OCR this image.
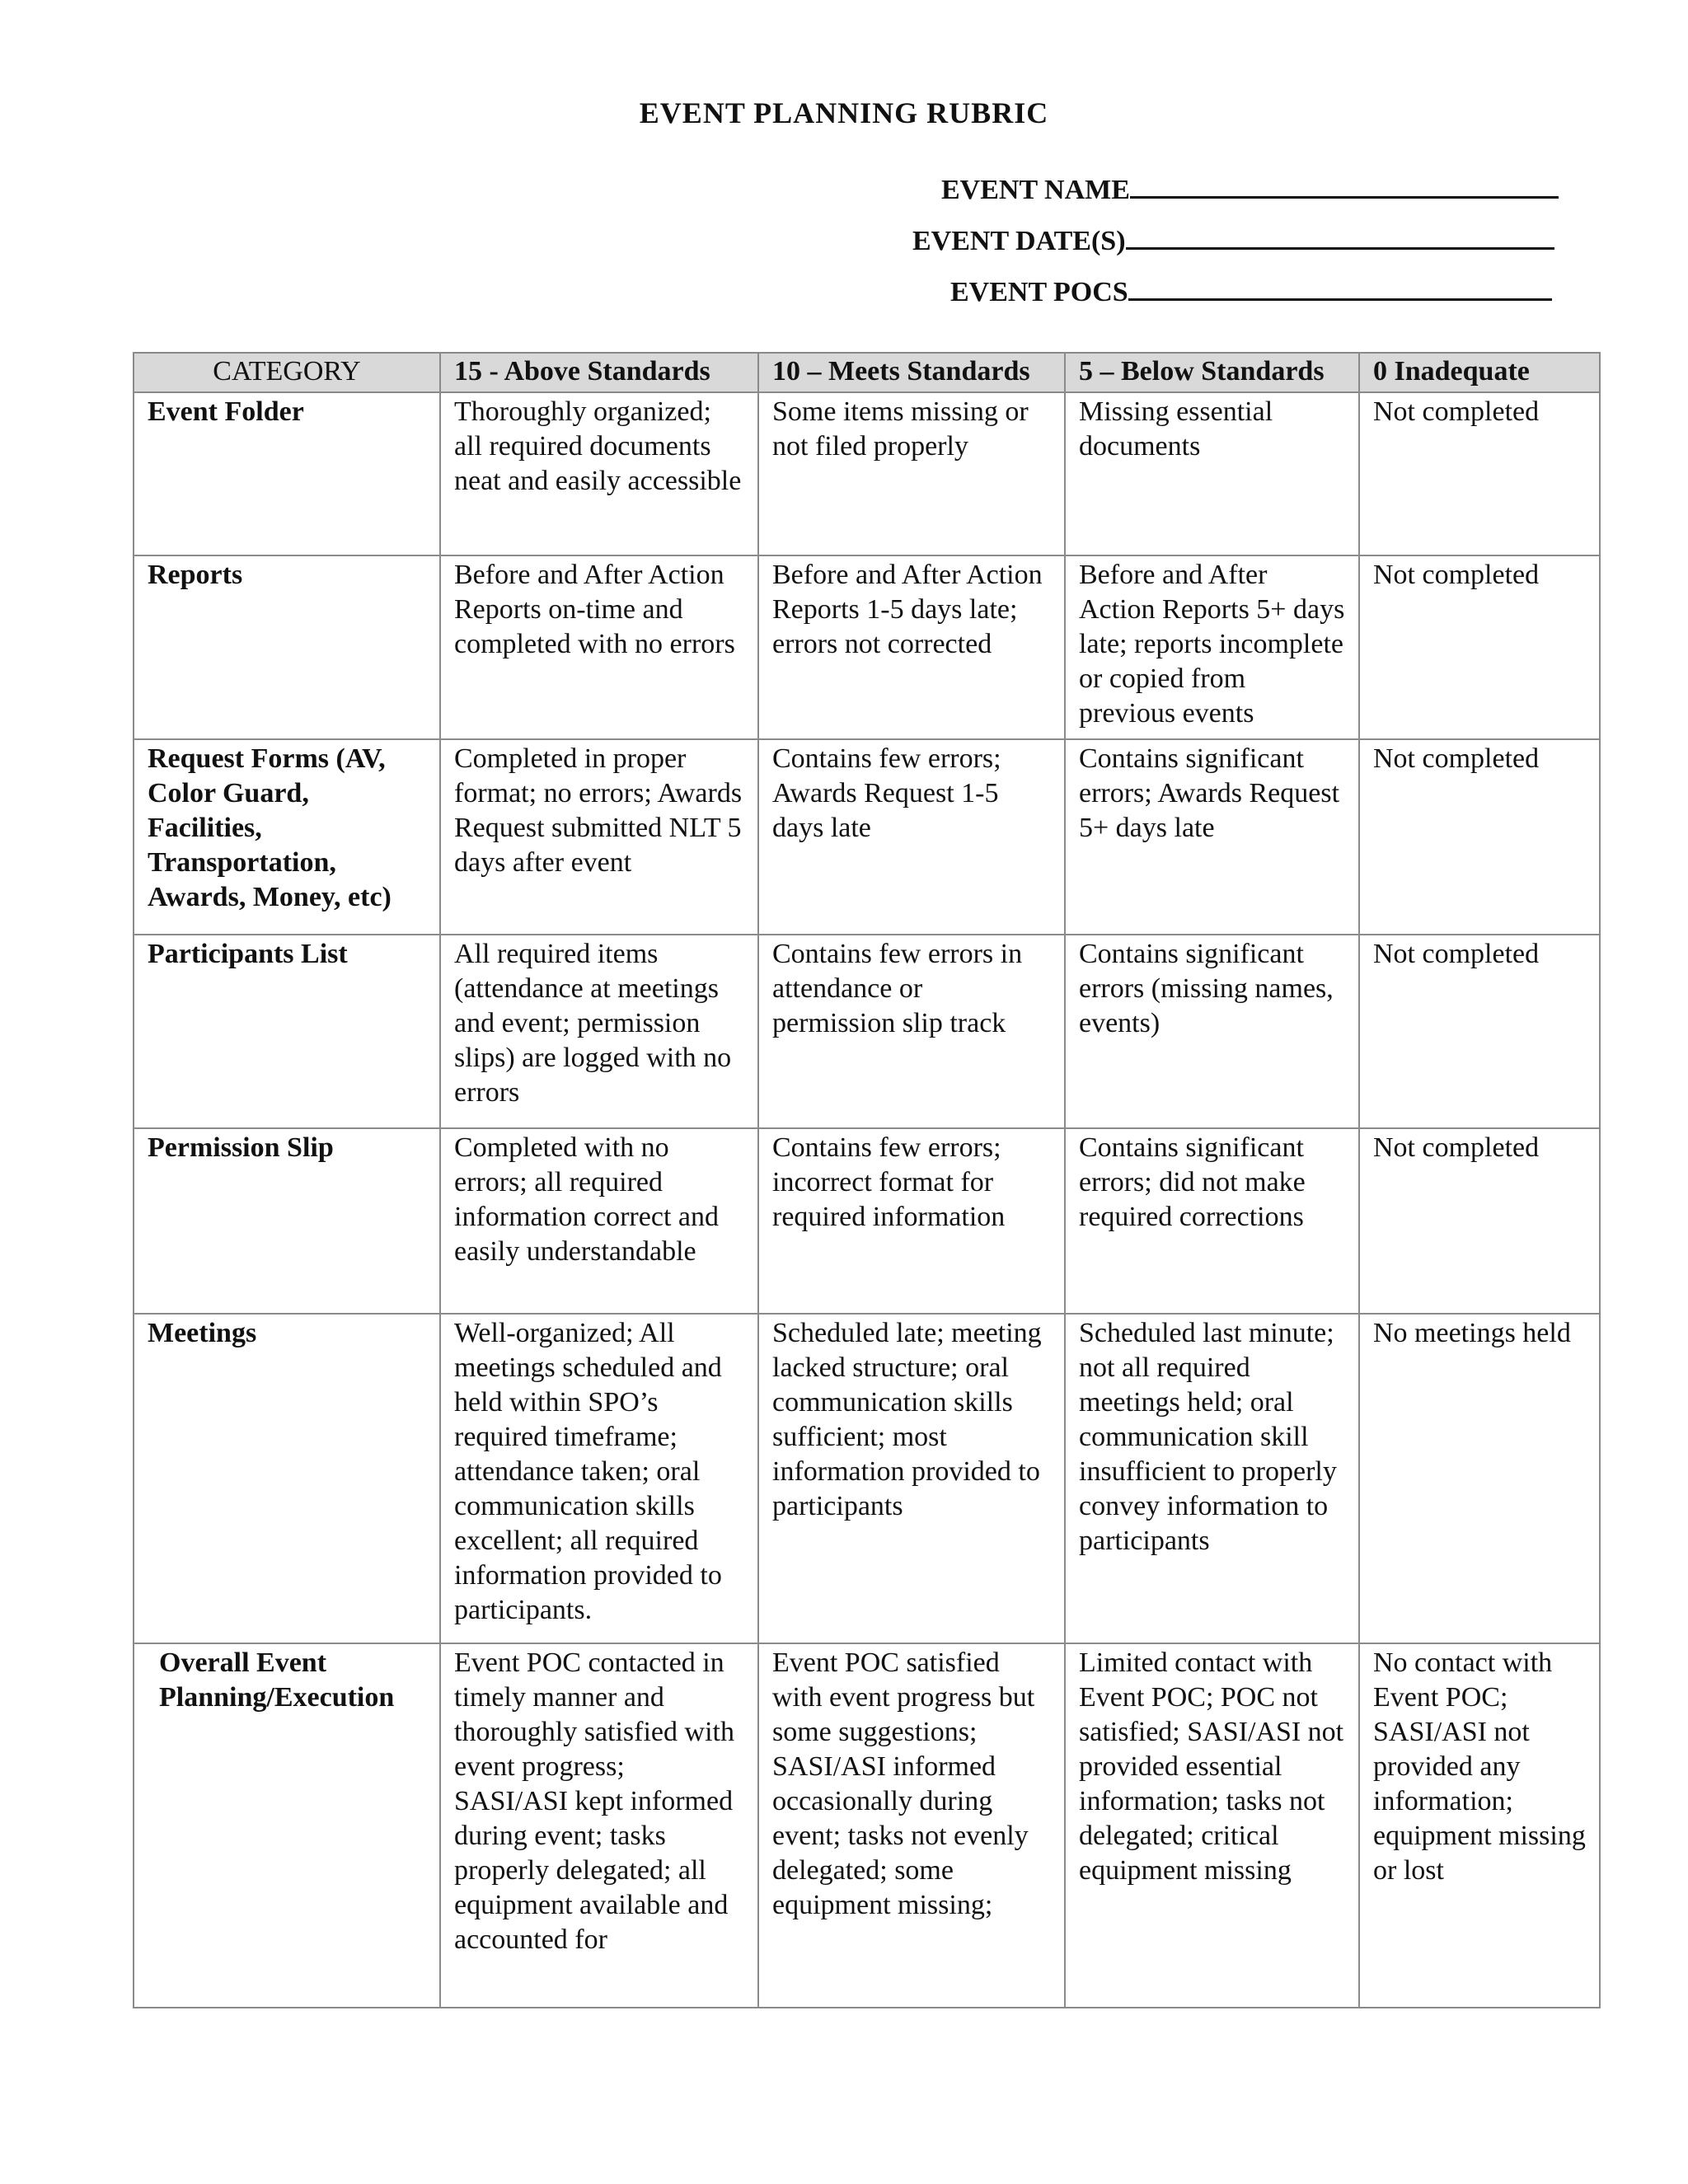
EVENT PLANNING RUBRIC
EVENT NAME
EVENT DATE(S)
EVENT POCS
CATEGORY	15 - Above Standards	10 – Meets Standards	5 – Below Standards	0 Inadequate
Event Folder	Thoroughly organized; all required documents neat and easily accessible	Some items missing or not filed properly	Missing essential documents	Not completed
Reports	Before and After Action Reports on-time and completed with no errors	Before and After Action Reports 1-5 days late; errors not corrected	Before and After Action Reports 5+ days late; reports incomplete or copied from previous events	Not completed
Request Forms (AV, Color Guard, Facilities, Transportation, Awards, Money, etc)	Completed in proper format; no errors; Awards Request submitted NLT 5 days after event	Contains few errors; Awards Request 1-5 days late	Contains significant errors; Awards Request 5+ days late	Not completed
Participants List	All required items (attendance at meetings and event; permission slips) are logged with no errors	Contains few errors in attendance or permission slip track	Contains significant errors (missing names, events)	Not completed
Permission Slip	Completed with no errors; all required information correct and easily understandable	Contains few errors; incorrect format for required information	Contains significant errors; did not make required corrections	Not completed
Meetings	Well-organized; All meetings scheduled and held within SPO’s required timeframe; attendance taken; oral communication skills excellent; all required information provided to participants.	Scheduled late; meeting lacked structure; oral communication skills sufficient; most information provided to participants	Scheduled last minute; not all required meetings held; oral communication skill insufficient to properly convey information to participants	No meetings held
Overall Event Planning/Execution	Event POC contacted in timely manner and thoroughly satisfied with event progress; SASI/ASI kept informed during event; tasks properly delegated; all equipment available and accounted for	Event POC satisfied with event progress but some suggestions; SASI/ASI informed occasionally during event; tasks not evenly delegated; some equipment missing;	Limited contact with Event POC; POC not satisfied; SASI/ASI not provided essential information; tasks not delegated; critical equipment missing	No contact with Event POC; SASI/ASI not provided any information; equipment missing or lost
